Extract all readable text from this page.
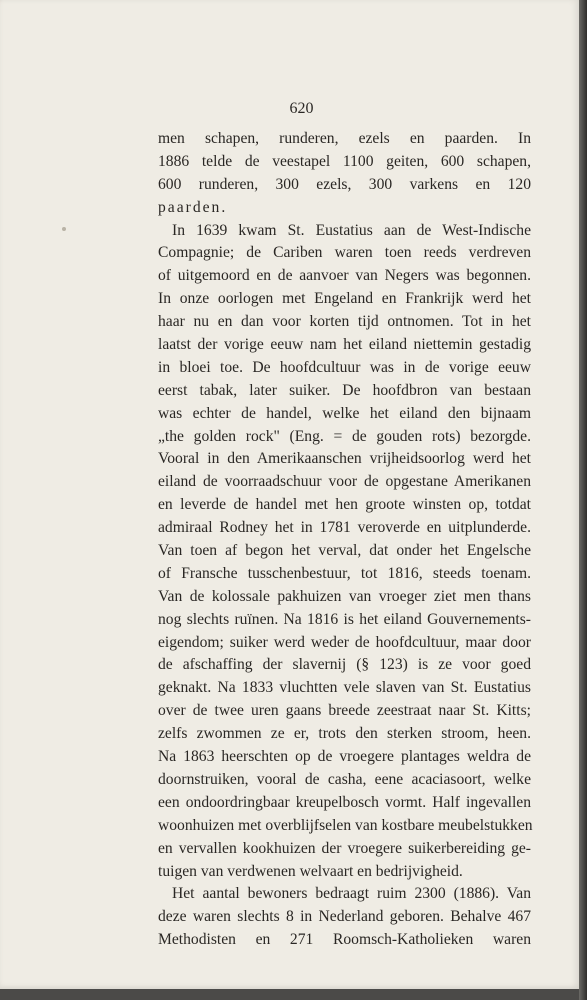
620
men schapen, runderen, ezels en paarden. In
1886 telde de veestapel 1100 geiten, 600 schapen,
600 runderen, 300 ezels, 300 varkens en 120
paarden.
In 1639 kwam St. Eustatius aan de West-Indische
Compagnie; de Cariben waren toen reeds verdreven
of uitgemoord en de aanvoer van Negers was begonnen.
In onze oorlogen met Engeland en Frankrijk werd het
haar nu en dan voor korten tijd ontnomen. Tot in het
laatst der vorige eeuw nam het eiland niettemin gestadig
in bloei toe. De hoofdcultuur was in de vorige eeuw
eerst tabak, later suiker. De hoofdbron van bestaan
was echter de handel, welke het eiland den bijnaam
„the golden rock" (Eng. = de gouden rots) bezorgde.
Vooral in den Amerikaanschen vrijheidsoorlog werd het
eiland de voorraadschuur voor de opgestane Amerikanen
en leverde de handel met hen groote winsten op, totdat
admiraal Rodney het in 1781 veroverde en uitplunderde.
Van toen af begon het verval, dat onder het Engelsche
of Fransche tusschenbestuur, tot 1816, steeds toenam.
Van de kolossale pakhuizen van vroeger ziet men thans
nog slechts ruïnen. Na 1816 is het eiland Gouvernements-
eigendom; suiker werd weder de hoofdcultuur, maar door
de afschaffing der slavernij (§ 123) is ze voor goed
geknakt. Na 1833 vluchtten vele slaven van St. Eustatius
over de twee uren gaans breede zeestraat naar St. Kitts;
zelfs zwommen ze er, trots den sterken stroom, heen.
Na 1863 heerschten op de vroegere plantages weldra de
doornstruiken, vooral de casha, eene acaciasoort, welke
een ondoordringbaar kreupelbosch vormt. Half ingevallen
woonhuizen met overblijfselen van kostbare meubelstukken
en vervallen kookhuizen der vroegere suikerbereiding ge-
tuigen van verdwenen welvaart en bedrijvigheid.
Het aantal bewoners bedraagt ruim 2300 (1886). Van
deze waren slechts 8 in Nederland geboren. Behalve 467
Methodisten en 271 Roomsch-Katholieken waren
